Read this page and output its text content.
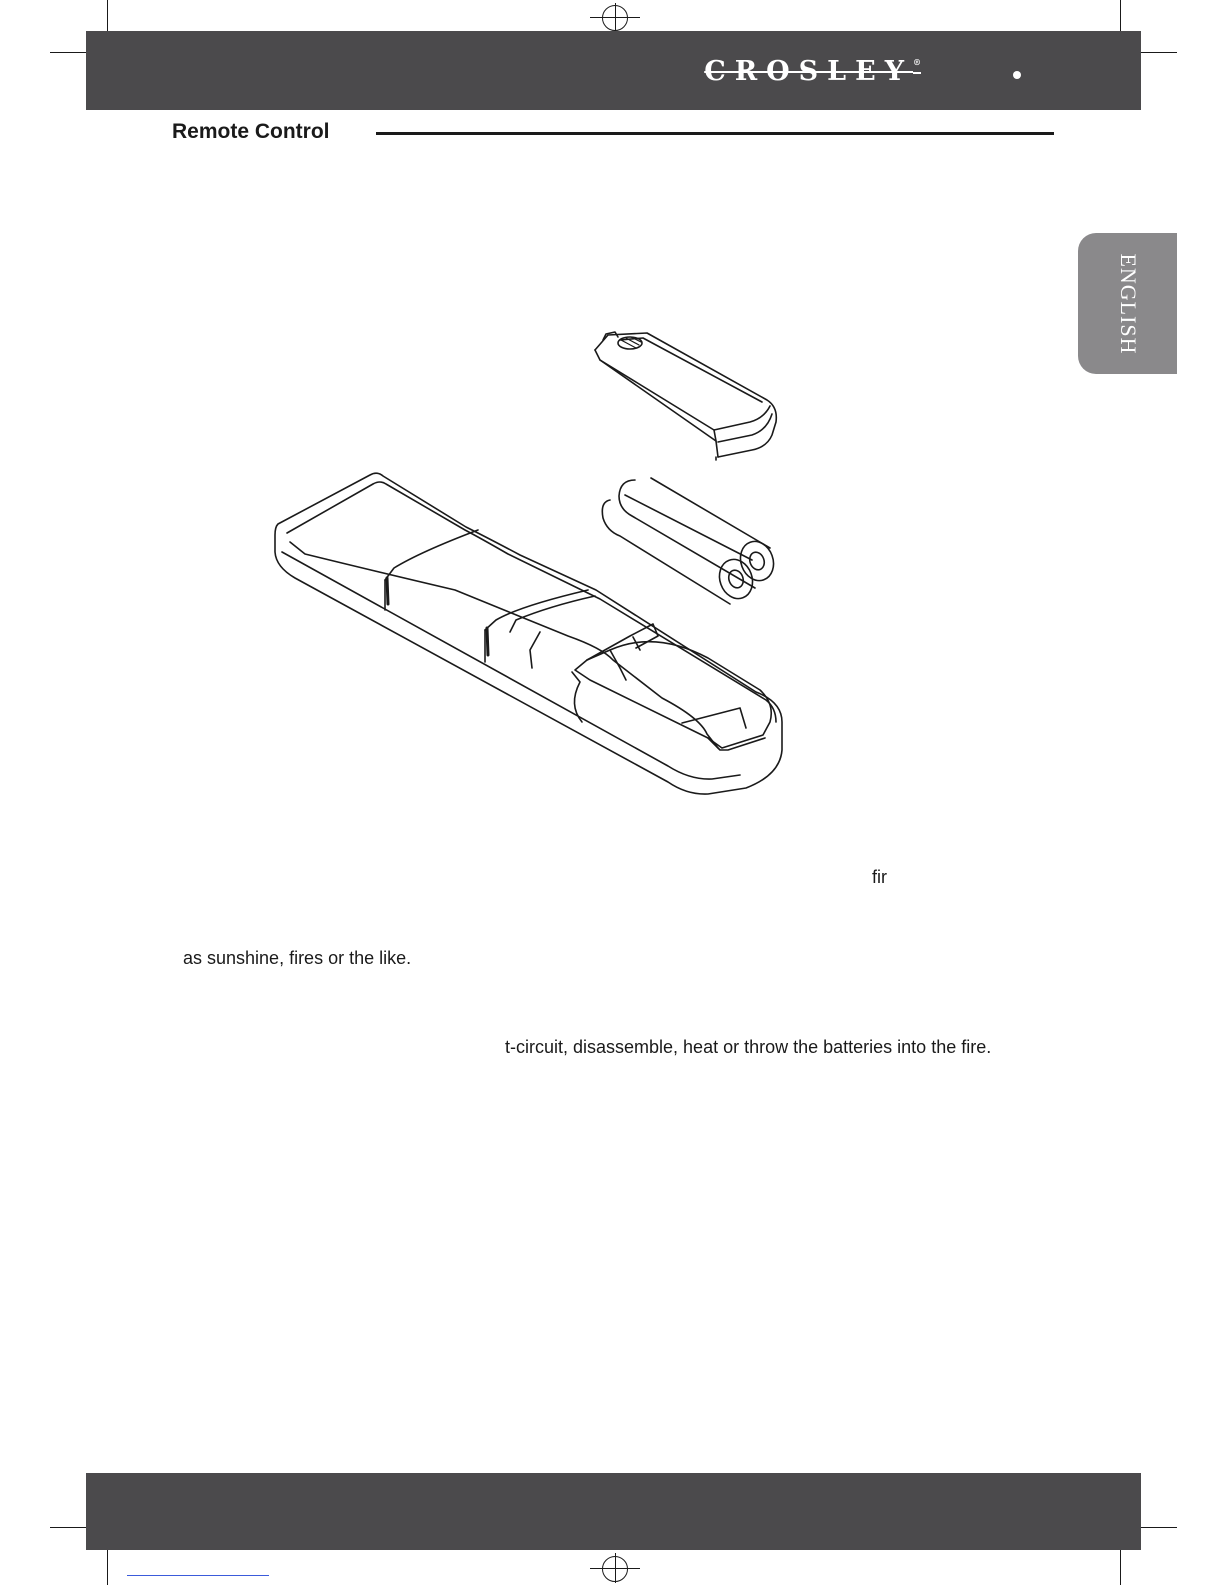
CROSLEY®
Remote Control
ENGLISH
fir
as sunshine, fires or the like.
t-circuit, disassemble, heat or throw the batteries into the fire.
